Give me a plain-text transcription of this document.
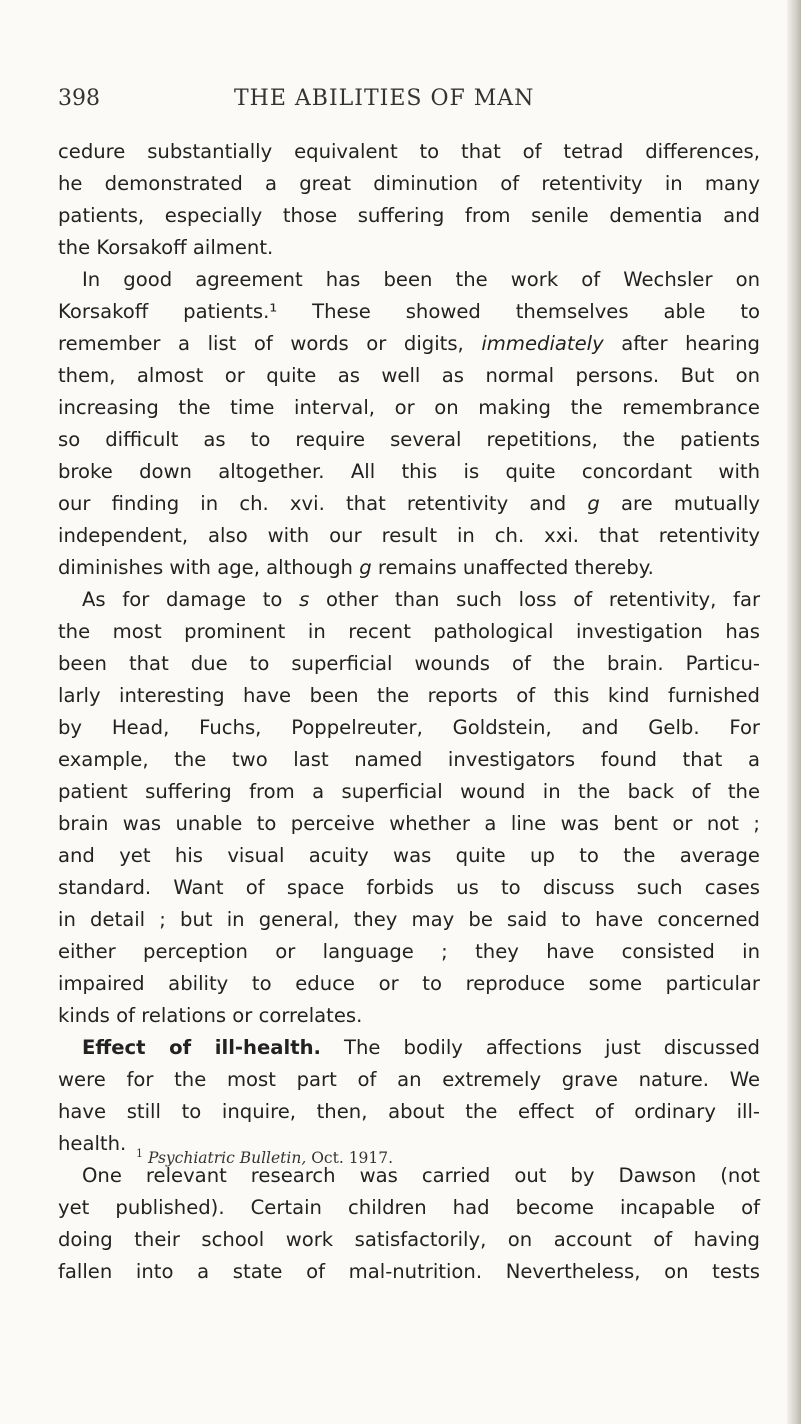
398	THE ABILITIES OF MAN
cedure substantially equivalent to that of tetrad differences,
he demonstrated a great diminution of retentivity in many
patients, especially those suffering from senile dementia and
the Korsakoff ailment.
In good agreement has been the work of Wechsler on
Korsakoff patients.¹ These showed themselves able to
remember a list of words or digits, immediately after hearing
them, almost or quite as well as normal persons. But on
increasing the time interval, or on making the remembrance
so difficult as to require several repetitions, the patients
broke down altogether. All this is quite concordant with
our finding in ch. xvi. that retentivity and g are mutually
independent, also with our result in ch. xxi. that retentivity
diminishes with age, although g remains unaffected thereby.
As for damage to s other than such loss of retentivity, far
the most prominent in recent pathological investigation has
been that due to superficial wounds of the brain. Particu-
larly interesting have been the reports of this kind furnished
by Head, Fuchs, Poppelreuter, Goldstein, and Gelb. For
example, the two last named investigators found that a
patient suffering from a superficial wound in the back of the
brain was unable to perceive whether a line was bent or not ;
and yet his visual acuity was quite up to the average
standard. Want of space forbids us to discuss such cases
in detail ; but in general, they may be said to have concerned
either perception or language ; they have consisted in
impaired ability to educe or to reproduce some particular
kinds of relations or correlates.
Effect of ill-health. The bodily affections just discussed
were for the most part of an extremely grave nature. We
have still to inquire, then, about the effect of ordinary ill-
health.
One relevant research was carried out by Dawson (not
yet published). Certain children had become incapable of
doing their school work satisfactorily, on account of having
fallen into a state of mal-nutrition. Nevertheless, on tests
$^1$ Psychiatric Bulletin, Oct. 1917.
